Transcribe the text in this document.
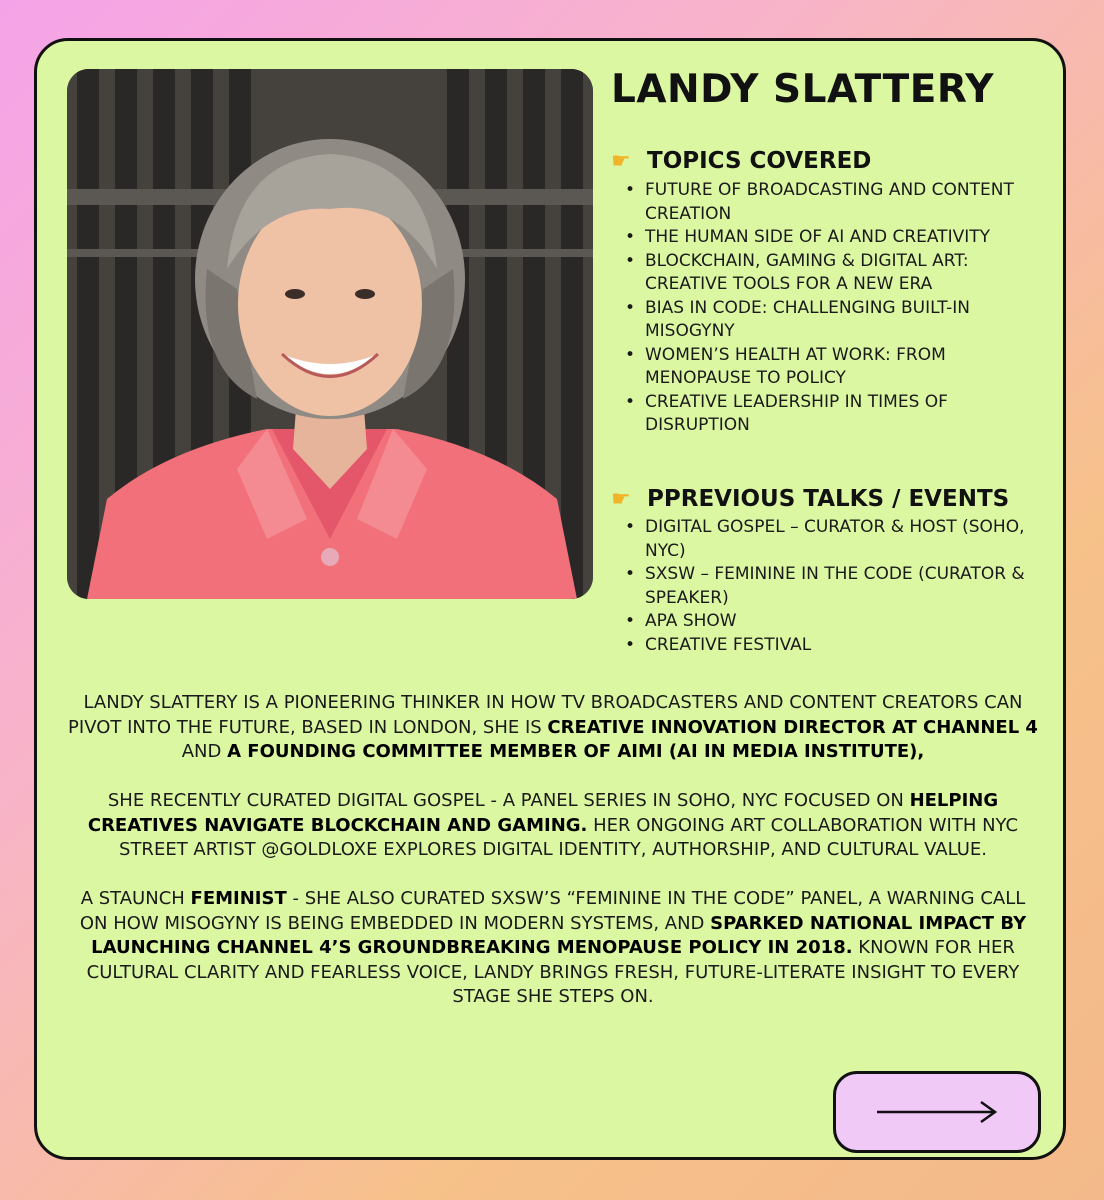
LANDY SLATTERY
☛ TOPICS COVERED
• FUTURE OF BROADCASTING AND CONTENT CREATION
• THE HUMAN SIDE OF AI AND CREATIVITY
• BLOCKCHAIN, GAMING & DIGITAL ART: CREATIVE TOOLS FOR A NEW ERA
• BIAS IN CODE: CHALLENGING BUILT-IN MISOGYNY
• WOMEN’S HEALTH AT WORK: FROM MENOPAUSE TO POLICY
• CREATIVE LEADERSHIP IN TIMES OF DISRUPTION
☛ PPREVIOUS TALKS / EVENTS
• DIGITAL GOSPEL – CURATOR & HOST (SOHO, NYC)
• SXSW – FEMININE IN THE CODE (CURATOR & SPEAKER)
• APA SHOW
• CREATIVE FESTIVAL

LANDY SLATTERY IS A PIONEERING THINKER IN HOW TV BROADCASTERS AND CONTENT CREATORS CAN PIVOT INTO THE FUTURE, BASED IN LONDON, SHE IS CREATIVE INNOVATION DIRECTOR AT CHANNEL 4 AND A FOUNDING COMMITTEE MEMBER OF AIMI (AI IN MEDIA INSTITUTE),

SHE RECENTLY CURATED DIGITAL GOSPEL - A PANEL SERIES IN SOHO, NYC FOCUSED ON HELPING CREATIVES NAVIGATE BLOCKCHAIN AND GAMING. HER ONGOING ART COLLABORATION WITH NYC STREET ARTIST @GOLDLOXE EXPLORES DIGITAL IDENTITY, AUTHORSHIP, AND CULTURAL VALUE.

A STAUNCH FEMINIST - SHE ALSO CURATED SXSW’S “FEMININE IN THE CODE” PANEL, A WARNING CALL ON HOW MISOGYNY IS BEING EMBEDDED IN MODERN SYSTEMS, AND SPARKED NATIONAL IMPACT BY LAUNCHING CHANNEL 4’S GROUNDBREAKING MENOPAUSE POLICY IN 2018. KNOWN FOR HER CULTURAL CLARITY AND FEARLESS VOICE, LANDY BRINGS FRESH, FUTURE-LITERATE INSIGHT TO EVERY STAGE SHE STEPS ON.
